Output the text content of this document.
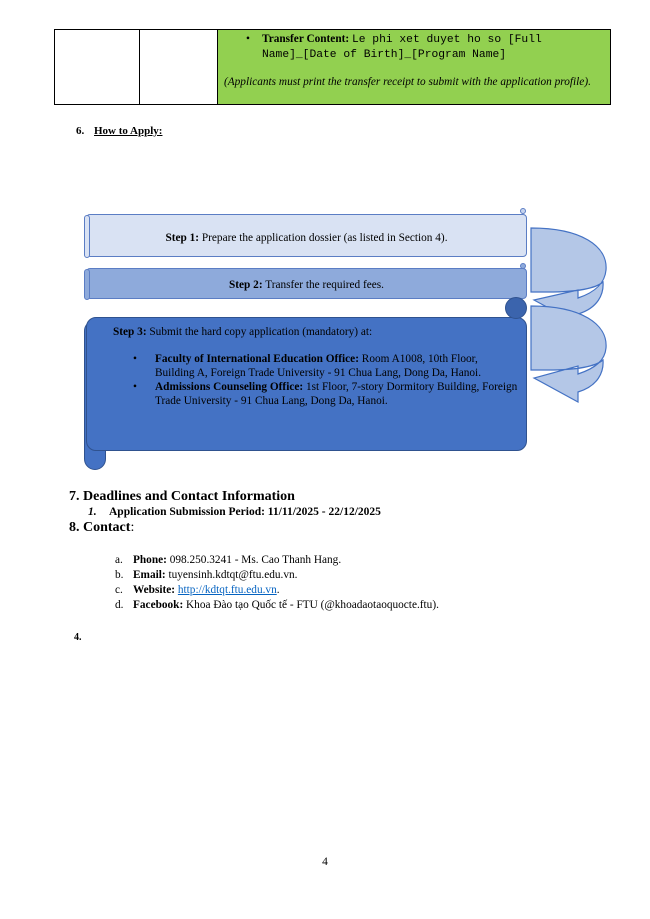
• Transfer Content: Le phi xet duyet ho so [Full Name]_[Date of Birth]_[Program Name]
(Applicants must print the transfer receipt to submit with the application profile).
6. How to Apply:
Step 1: Prepare the application dossier (as listed in Section 4).
Step 2: Transfer the required fees.
Step 3: Submit the hard copy application (mandatory) at:
• Faculty of International Education Office: Room A1008, 10th Floor, Building A, Foreign Trade University - 91 Chua Lang, Dong Da, Hanoi.
• Admissions Counseling Office: 1st Floor, 7-story Dormitory Building, Foreign Trade University - 91 Chua Lang, Dong Da, Hanoi.
7. Deadlines and Contact Information
1. Application Submission Period: 11/11/2025 - 22/12/2025
8. Contact:
a. Phone: 098.250.3241 - Ms. Cao Thanh Hang.
b. Email: tuyensinh.kdtqt@ftu.edu.vn.
c. Website: http://kdtqt.ftu.edu.vn.
d. Facebook: Khoa Đào tạo Quốc tế - FTU (@khoadaotaoquocte.ftu).
4.
4
